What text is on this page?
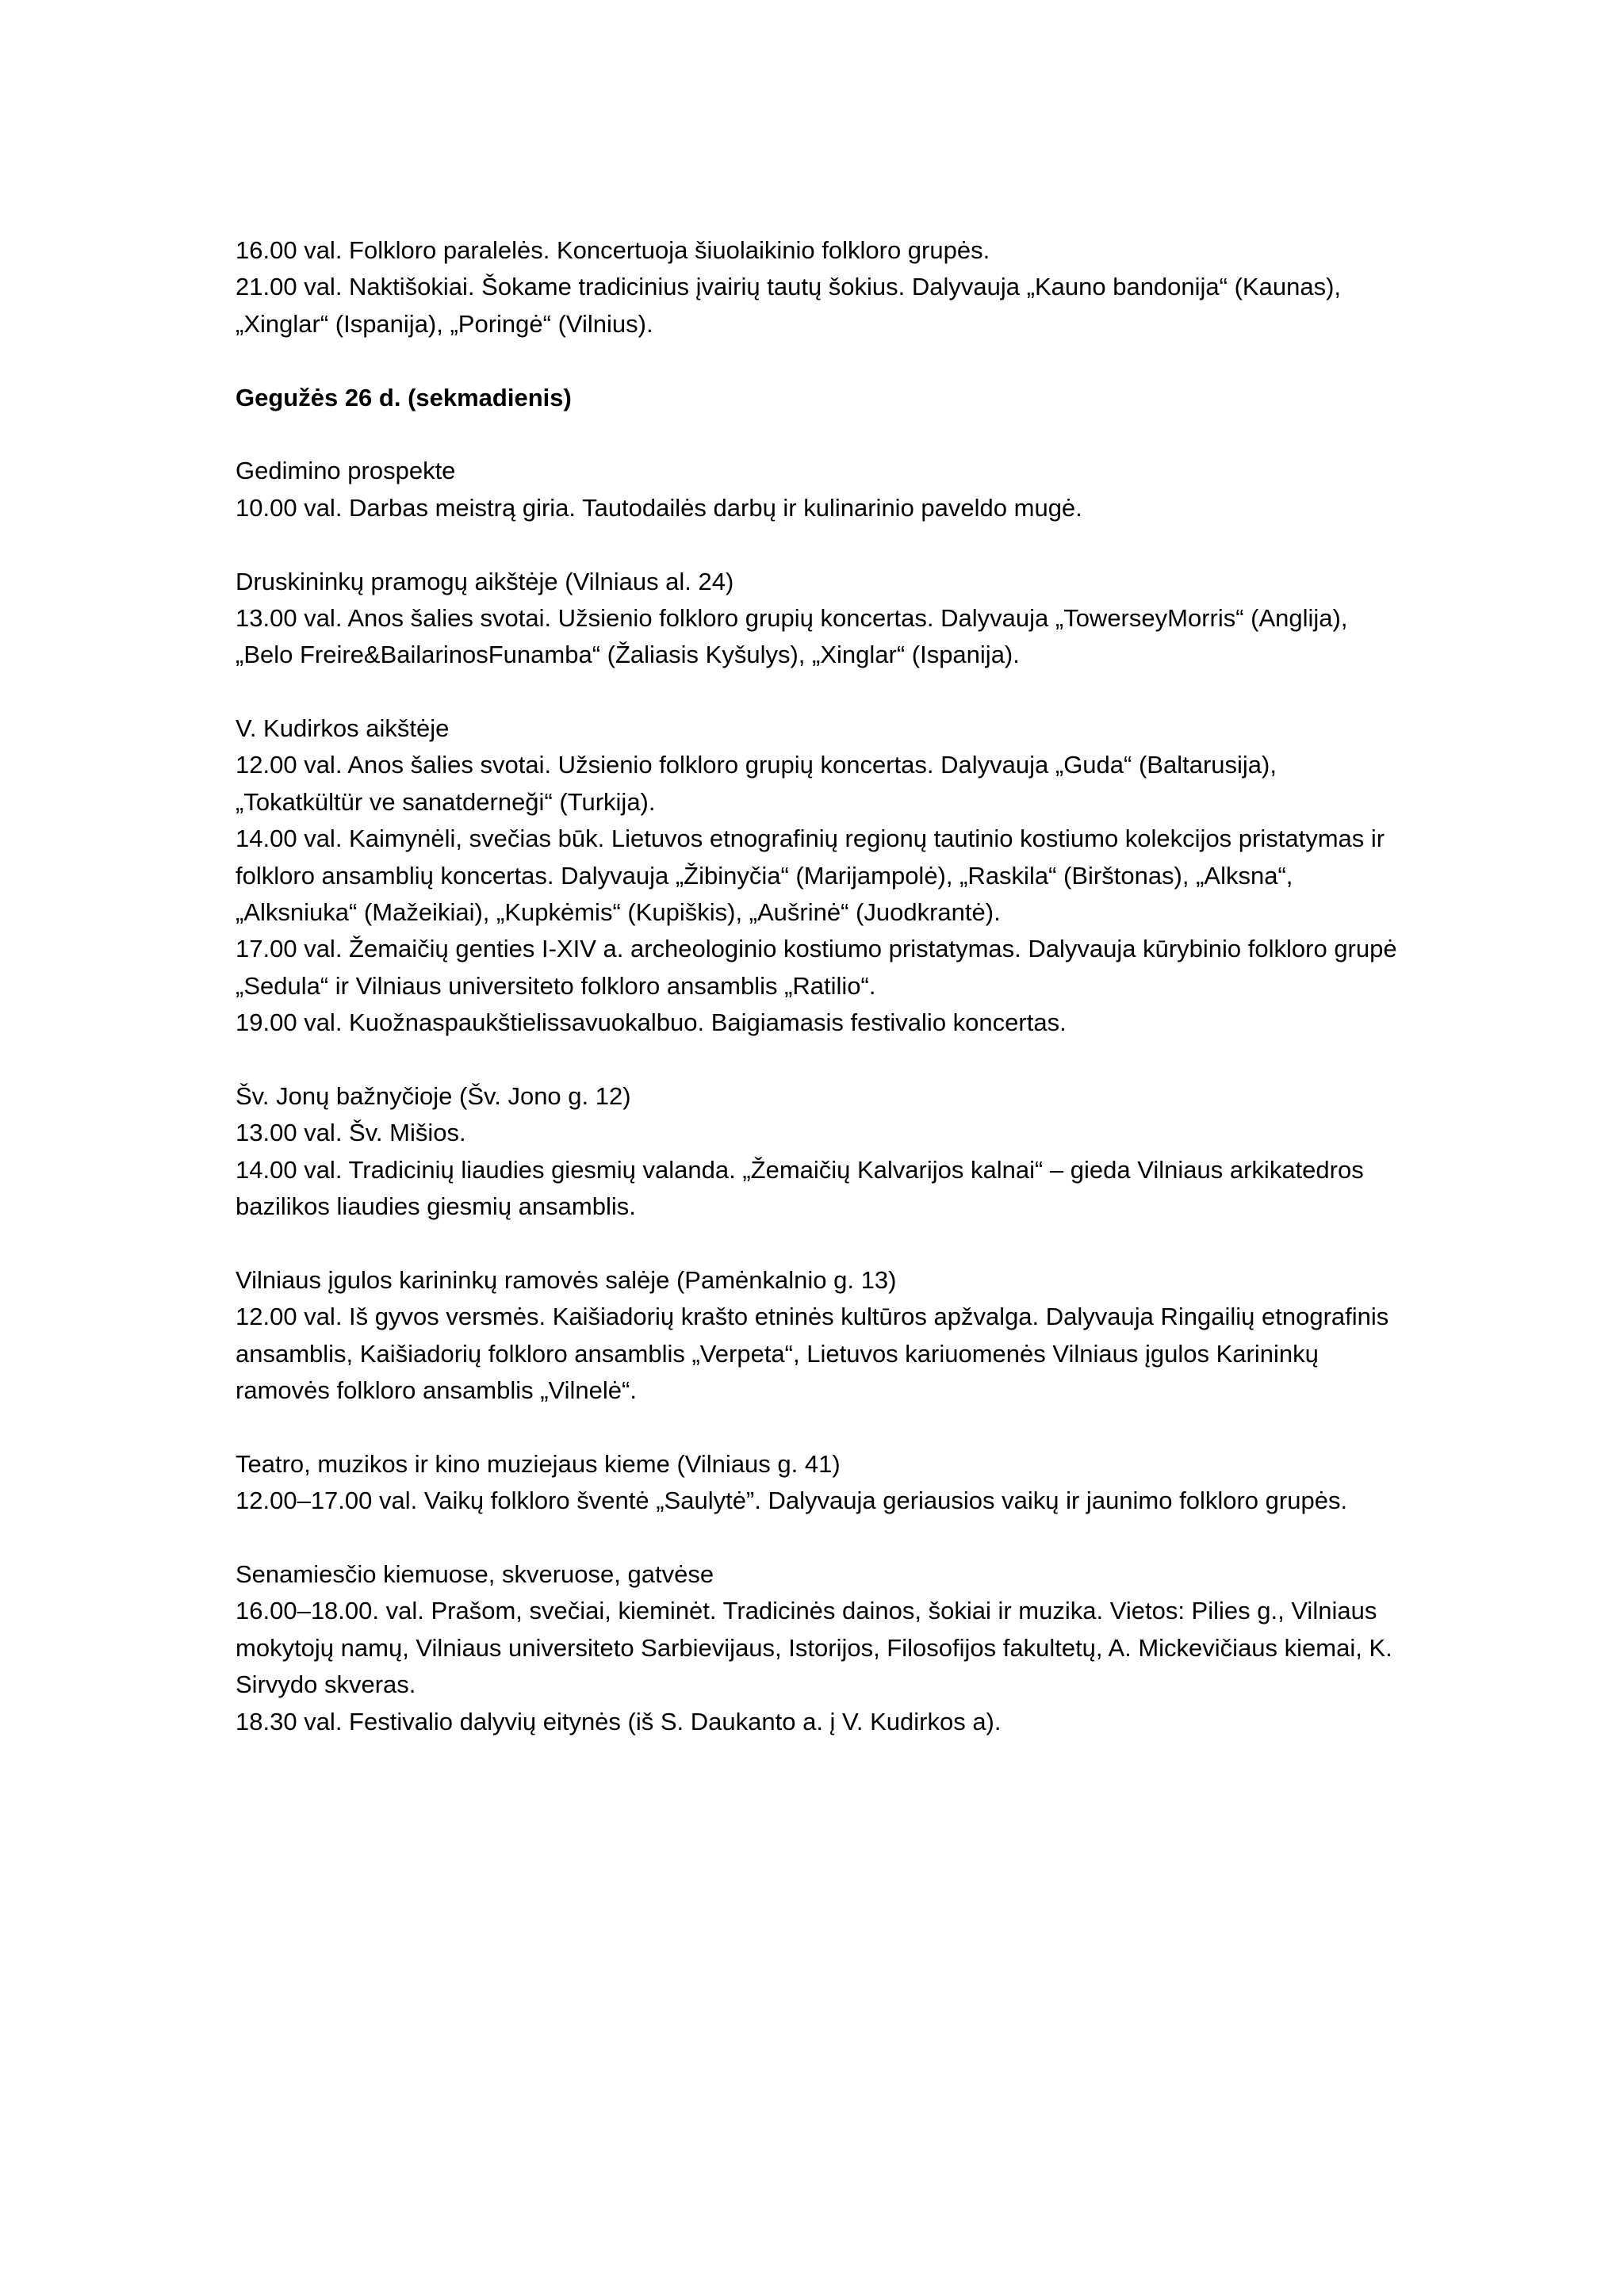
16.00 val. Folkloro paralelės. Koncertuoja šiuolaikinio folkloro grupės.
21.00 val. Naktišokiai. Šokame tradicinius įvairių tautų šokius. Dalyvauja „Kauno bandonija“ (Kaunas),
„Xinglar“ (Ispanija), „Poringė“ (Vilnius).
Gegužės 26 d. (sekmadienis)
Gedimino prospekte
10.00 val. Darbas meistrą giria. Tautodailės darbų ir kulinarinio paveldo mugė.
Druskininkų pramogų aikštėje (Vilniaus al. 24)
13.00 val. Anos šalies svotai. Užsienio folkloro grupių koncertas. Dalyvauja „TowerseyMorris“ (Anglija),
„Belo Freire&BailarinosFunamba“ (Žaliasis Kyšulys), „Xinglar“ (Ispanija).
V. Kudirkos aikštėje
12.00 val. Anos šalies svotai. Užsienio folkloro grupių koncertas. Dalyvauja „Guda“ (Baltarusija),
„Tokatkültür ve sanatderneği“ (Turkija).
14.00 val. Kaimynėli, svečias būk. Lietuvos etnografinių regionų tautinio kostiumo kolekcijos pristatymas ir
folkloro ansamblių koncertas. Dalyvauja „Žibinyčia“ (Marijampolė), „Raskila“ (Birštonas), „Alksna“,
„Alksniuka“ (Mažeikiai), „Kupkėmis“ (Kupiškis), „Aušrinė“ (Juodkrantė).
17.00 val. Žemaičių genties I-XIV a. archeologinio kostiumo pristatymas. Dalyvauja kūrybinio folkloro grupė
„Sedula“ ir Vilniaus universiteto folkloro ansamblis „Ratilio“.
19.00 val. Kuožnaspaukštielissavuokalbuo. Baigiamasis festivalio koncertas.
Šv. Jonų bažnyčioje (Šv. Jono g. 12)
13.00 val. Šv. Mišios.
14.00 val. Tradicinių liaudies giesmių valanda. „Žemaičių Kalvarijos kalnai“ – gieda Vilniaus arkikatedros
bazilikos liaudies giesmių ansamblis.
Vilniaus įgulos karininkų ramovės salėje (Pamėnkalnio g. 13)
12.00 val. Iš gyvos versmės. Kaišiadorių krašto etninės kultūros apžvalga. Dalyvauja Ringailių etnografinis
ansamblis, Kaišiadorių folkloro ansamblis „Verpeta“, Lietuvos kariuomenės Vilniaus įgulos Karininkų
ramovės folkloro ansamblis „Vilnelė“.
Teatro, muzikos ir kino muziejaus kieme (Vilniaus g. 41)
12.00–17.00 val. Vaikų folkloro šventė „Saulytė”. Dalyvauja geriausios vaikų ir jaunimo folkloro grupės.
Senamiesčio kiemuose, skveruose, gatvėse
16.00–18.00. val. Prašom, svečiai, kieminėt. Tradicinės dainos, šokiai ir muzika. Vietos: Pilies g., Vilniaus
mokytojų namų, Vilniaus universiteto Sarbievijaus, Istorijos, Filosofijos fakultetų, A. Mickevičiaus kiemai, K.
Sirvydo skveras.
18.30 val. Festivalio dalyvių eitynės (iš S. Daukanto a. į V. Kudirkos a).
